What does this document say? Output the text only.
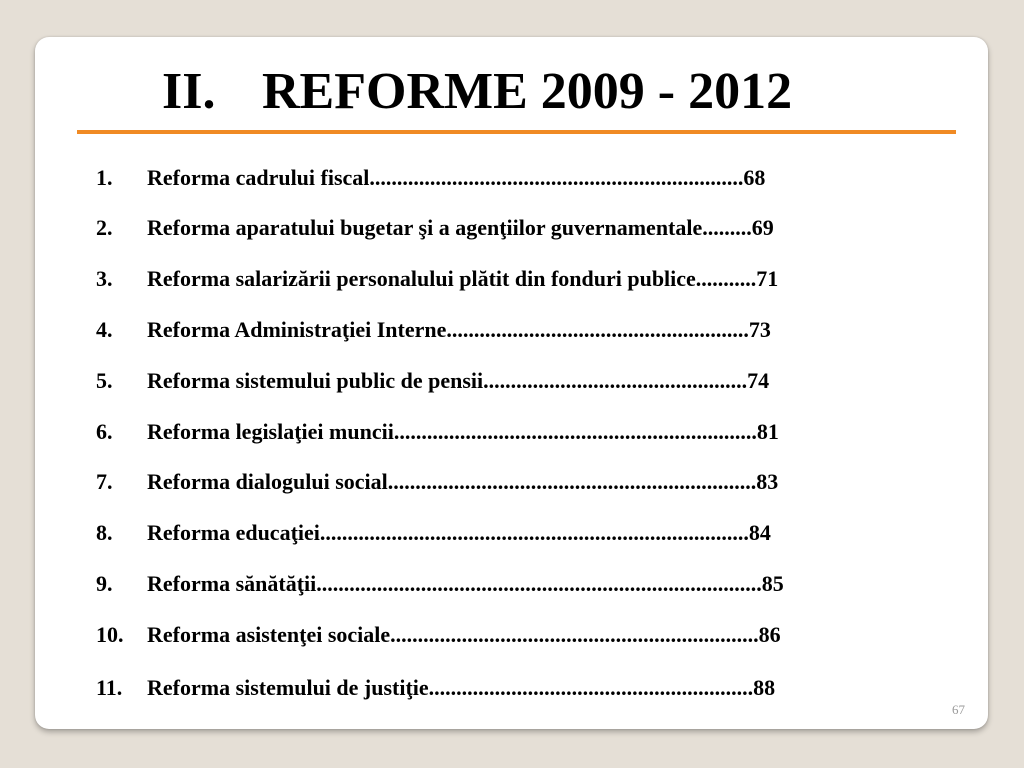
II. REFORME 2009 - 2012
1. Reforma cadrului fiscal....................................................................68
2. Reforma aparatului bugetar şi a agenţiilor guvernamentale.........69
3. Reforma salarizării personalului plătit din fonduri publice...........71
4. Reforma Administraţiei Interne.......................................................73
5. Reforma sistemului public de pensii................................................74
6. Reforma legislaţiei muncii..................................................................81
7. Reforma dialogului social...................................................................83
8. Reforma educaţiei..............................................................................84
9. Reforma sănătăţii.................................................................................85
10. Reforma asistenţei sociale...................................................................86
11. Reforma sistemului de justiţie...........................................................88
67
